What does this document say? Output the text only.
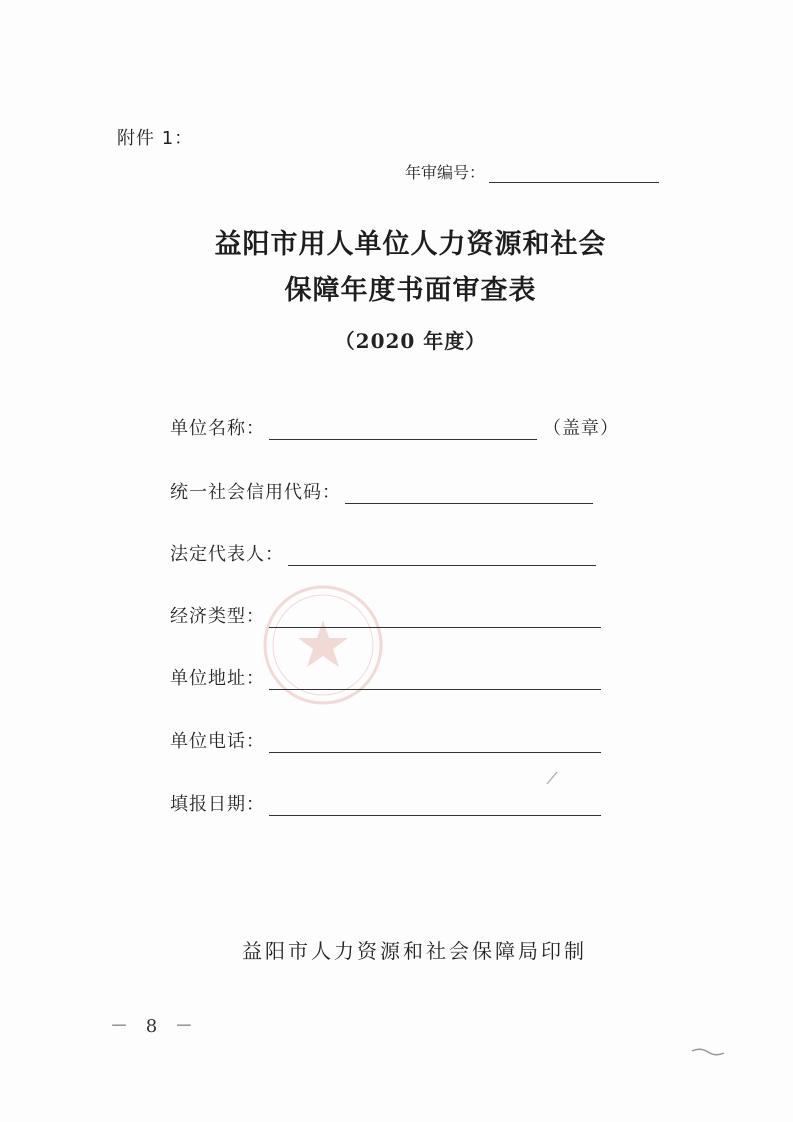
附件 1：
年审编号：
益阳市用人单位人力资源和社会
保障年度书面审查表
（2020 年度）
单位名称：	（盖章）
统一社会信用代码：
法定代表人：
经济类型：
单位地址：
单位电话：
填报日期：
益阳市人力资源和社会保障局印制
－ 8 －
